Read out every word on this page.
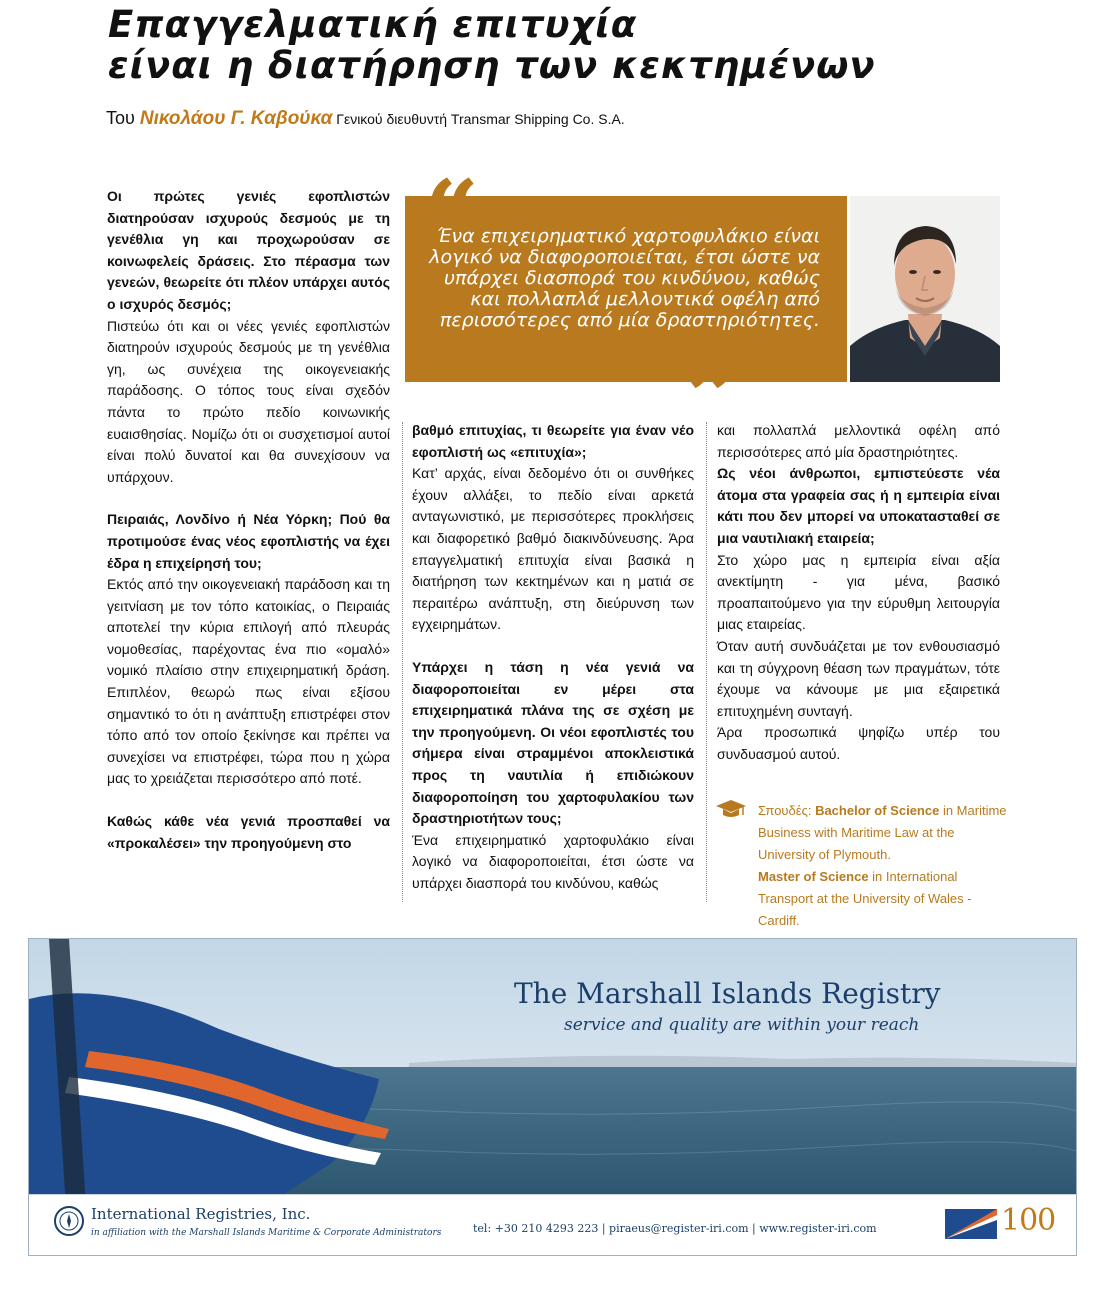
Επαγγελματική επιτυχία
είναι η διατήρηση των κεκτημένων
Του Νικολάου Γ. Καβούκα Γενικού διευθυντή Transmar Shipping Co. S.A.

Οι πρώτες γενιές εφοπλιστών διατηρούσαν ισχυρούς δεσμούς με τη γενέθλια γη και προχωρούσαν σε κοινωφελείς δράσεις. Στο πέρασμα των γενεών, θεωρείτε ότι πλέον υπάρχει αυτός ο ισχυρός δεσμός;

Πιστεύω ότι και οι νέες γενιές εφοπλιστών διατηρούν ισχυρούς δεσμούς με τη γενέθλια γη, ως συνέχεια της οικογενειακής παράδοσης. Ο τόπος τους είναι σχεδόν πάντα το πρώτο πεδίο κοινωνικής ευαισθησίας. Νομίζω ότι οι συσχετισμοί αυτοί είναι πολύ δυνατοί και θα συνεχίσουν να υπάρχουν.

Πειραιάς, Λονδίνο ή Νέα Υόρκη; Πού θα προτιμούσε ένας νέος εφοπλιστής να έχει έδρα η επιχείρησή του;

Εκτός από την οικογενειακή παράδοση και τη γειτνίαση με τον τόπο κατοικίας, ο Πειραιάς αποτελεί την κύρια επιλογή από πλευράς νομοθεσίας, παρέχοντας ένα πιο «ομαλό» νομικό πλαίσιο στην επιχειρηματική δράση. Επιπλέον, θεωρώ πως είναι εξίσου σημαντικό το ότι η ανάπτυξη επιστρέφει στον τόπο από τον οποίο ξεκίνησε και πρέπει να συνεχίσει να επιστρέφει, τώρα που η χώρα μας το χρειάζεται περισσότερο από ποτέ.

Καθώς κάθε νέα γενιά προσπαθεί να «προκαλέσει» την προηγούμενη στο

“
Ένα επιχειρηματικό χαρτοφυλάκιο είναι λογικό να διαφοροποιείται, έτσι ώστε να υπάρχει διασπορά του κινδύνου, καθώς και πολλαπλά μελλοντικά οφέλη από περισσότερες από μία δραστηριότητες.
”

βαθμό επιτυχίας, τι θεωρείτε για έναν νέο εφοπλιστή ως «επιτυχία»;

Κατ’ αρχάς, είναι δεδομένο ότι οι συνθήκες έχουν αλλάξει, το πεδίο είναι αρκετά ανταγωνιστικό, με περισσότερες προκλήσεις και διαφορετικό βαθμό διακινδύνευσης. Άρα επαγγελματική επιτυχία είναι βασικά η διατήρηση των κεκτημένων και η ματιά σε περαιτέρω ανάπτυξη, στη διεύρυνση των εγχειρημάτων.

Υπάρχει η τάση η νέα γενιά να διαφοροποιείται εν μέρει στα επιχειρηματικά πλάνα της σε σχέση με την προηγούμενη. Οι νέοι εφοπλιστές του σήμερα είναι στραμμένοι αποκλειστικά προς τη ναυτιλία ή επιδιώκουν διαφοροποίηση του χαρτοφυλακίου των δραστηριοτήτων τους;

Ένα επιχειρηματικό χαρτοφυλάκιο είναι λογικό να διαφοροποιείται, έτσι ώστε να υπάρχει διασπορά του κινδύνου, καθώς

και πολλαπλά μελλοντικά οφέλη από περισσότερες από μία δραστηριότητες.

Ως νέοι άνθρωποι, εμπιστεύεστε νέα άτομα στα γραφεία σας ή η εμπειρία είναι κάτι που δεν μπορεί να υποκατασταθεί σε μια ναυτιλιακή εταιρεία;

Στο χώρο μας η εμπειρία είναι αξία ανεκτίμητη - για μένα, βασικό προαπαιτούμενο για την εύρυθμη λειτουργία μιας εταιρείας.

Όταν αυτή συνδυάζεται με τον ενθουσιασμό και τη σύγχρονη θέαση των πραγμάτων, τότε έχουμε να κάνουμε με μια εξαιρετικά επιτυχημένη συνταγή.

Άρα προσωπικά ψηφίζω υπέρ του συνδυασμού αυτού.

Σπουδές: Bachelor of Science in Maritime Business with Maritime Law at the University of Plymouth.
Master of Science in International Transport at the University of Wales - Cardiff.
The Marshall Islands Registry
service and quality are within your reach
International Registries, Inc.
in affiliation with the Marshall Islands Maritime & Corporate Administrators	tel: +30 210 4293 223 | piraeus@register-iri.com | www.register-iri.com	100
